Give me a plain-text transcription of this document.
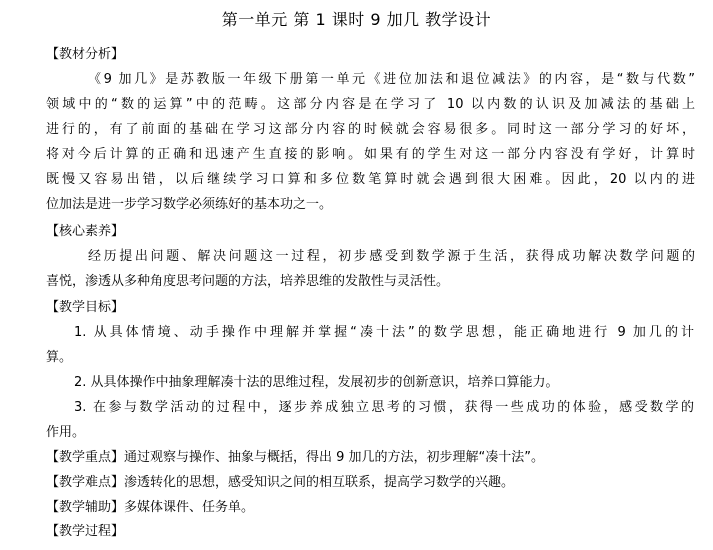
第一单元 第 1 课时 9 加几 教学设计
【教材分析】
《9 加几》是苏教版一年级下册第一单元《进位加法和退位减法》的内容，是“数与代数”
领域中的“数的运算”中的范畴。这部分内容是在学习了 10 以内数的认识及加减法的基础上
进行的，有了前面的基础在学习这部分内容的时候就会容易很多。同时这一部分学习的好坏，
将对今后计算的正确和迅速产生直接的影响。如果有的学生对这一部分内容没有学好，计算时
既慢又容易出错，以后继续学习口算和多位数笔算时就会遇到很大困难。因此，20 以内的进
位加法是进一步学习数学必须练好的基本功之一。
【核心素养】
经历提出问题、解决问题这一过程，初步感受到数学源于生活，获得成功解决数学问题的
喜悦，渗透从多种角度思考问题的方法，培养思维的发散性与灵活性。
【教学目标】
1. 从具体情境、动手操作中理解并掌握“凑十法”的数学思想，能正确地进行 9 加几的计
算。
2. 从具体操作中抽象理解凑十法的思维过程，发展初步的创新意识，培养口算能力。
3. 在参与数学活动的过程中，逐步养成独立思考的习惯，获得一些成功的体验，感受数学的
作用。
【教学重点】通过观察与操作、抽象与概括，得出 9 加几的方法，初步理解“凑十法”。
【教学难点】渗透转化的思想，感受知识之间的相互联系，提高学习数学的兴趣。
【教学辅助】多媒体课件、任务单。
【教学过程】
